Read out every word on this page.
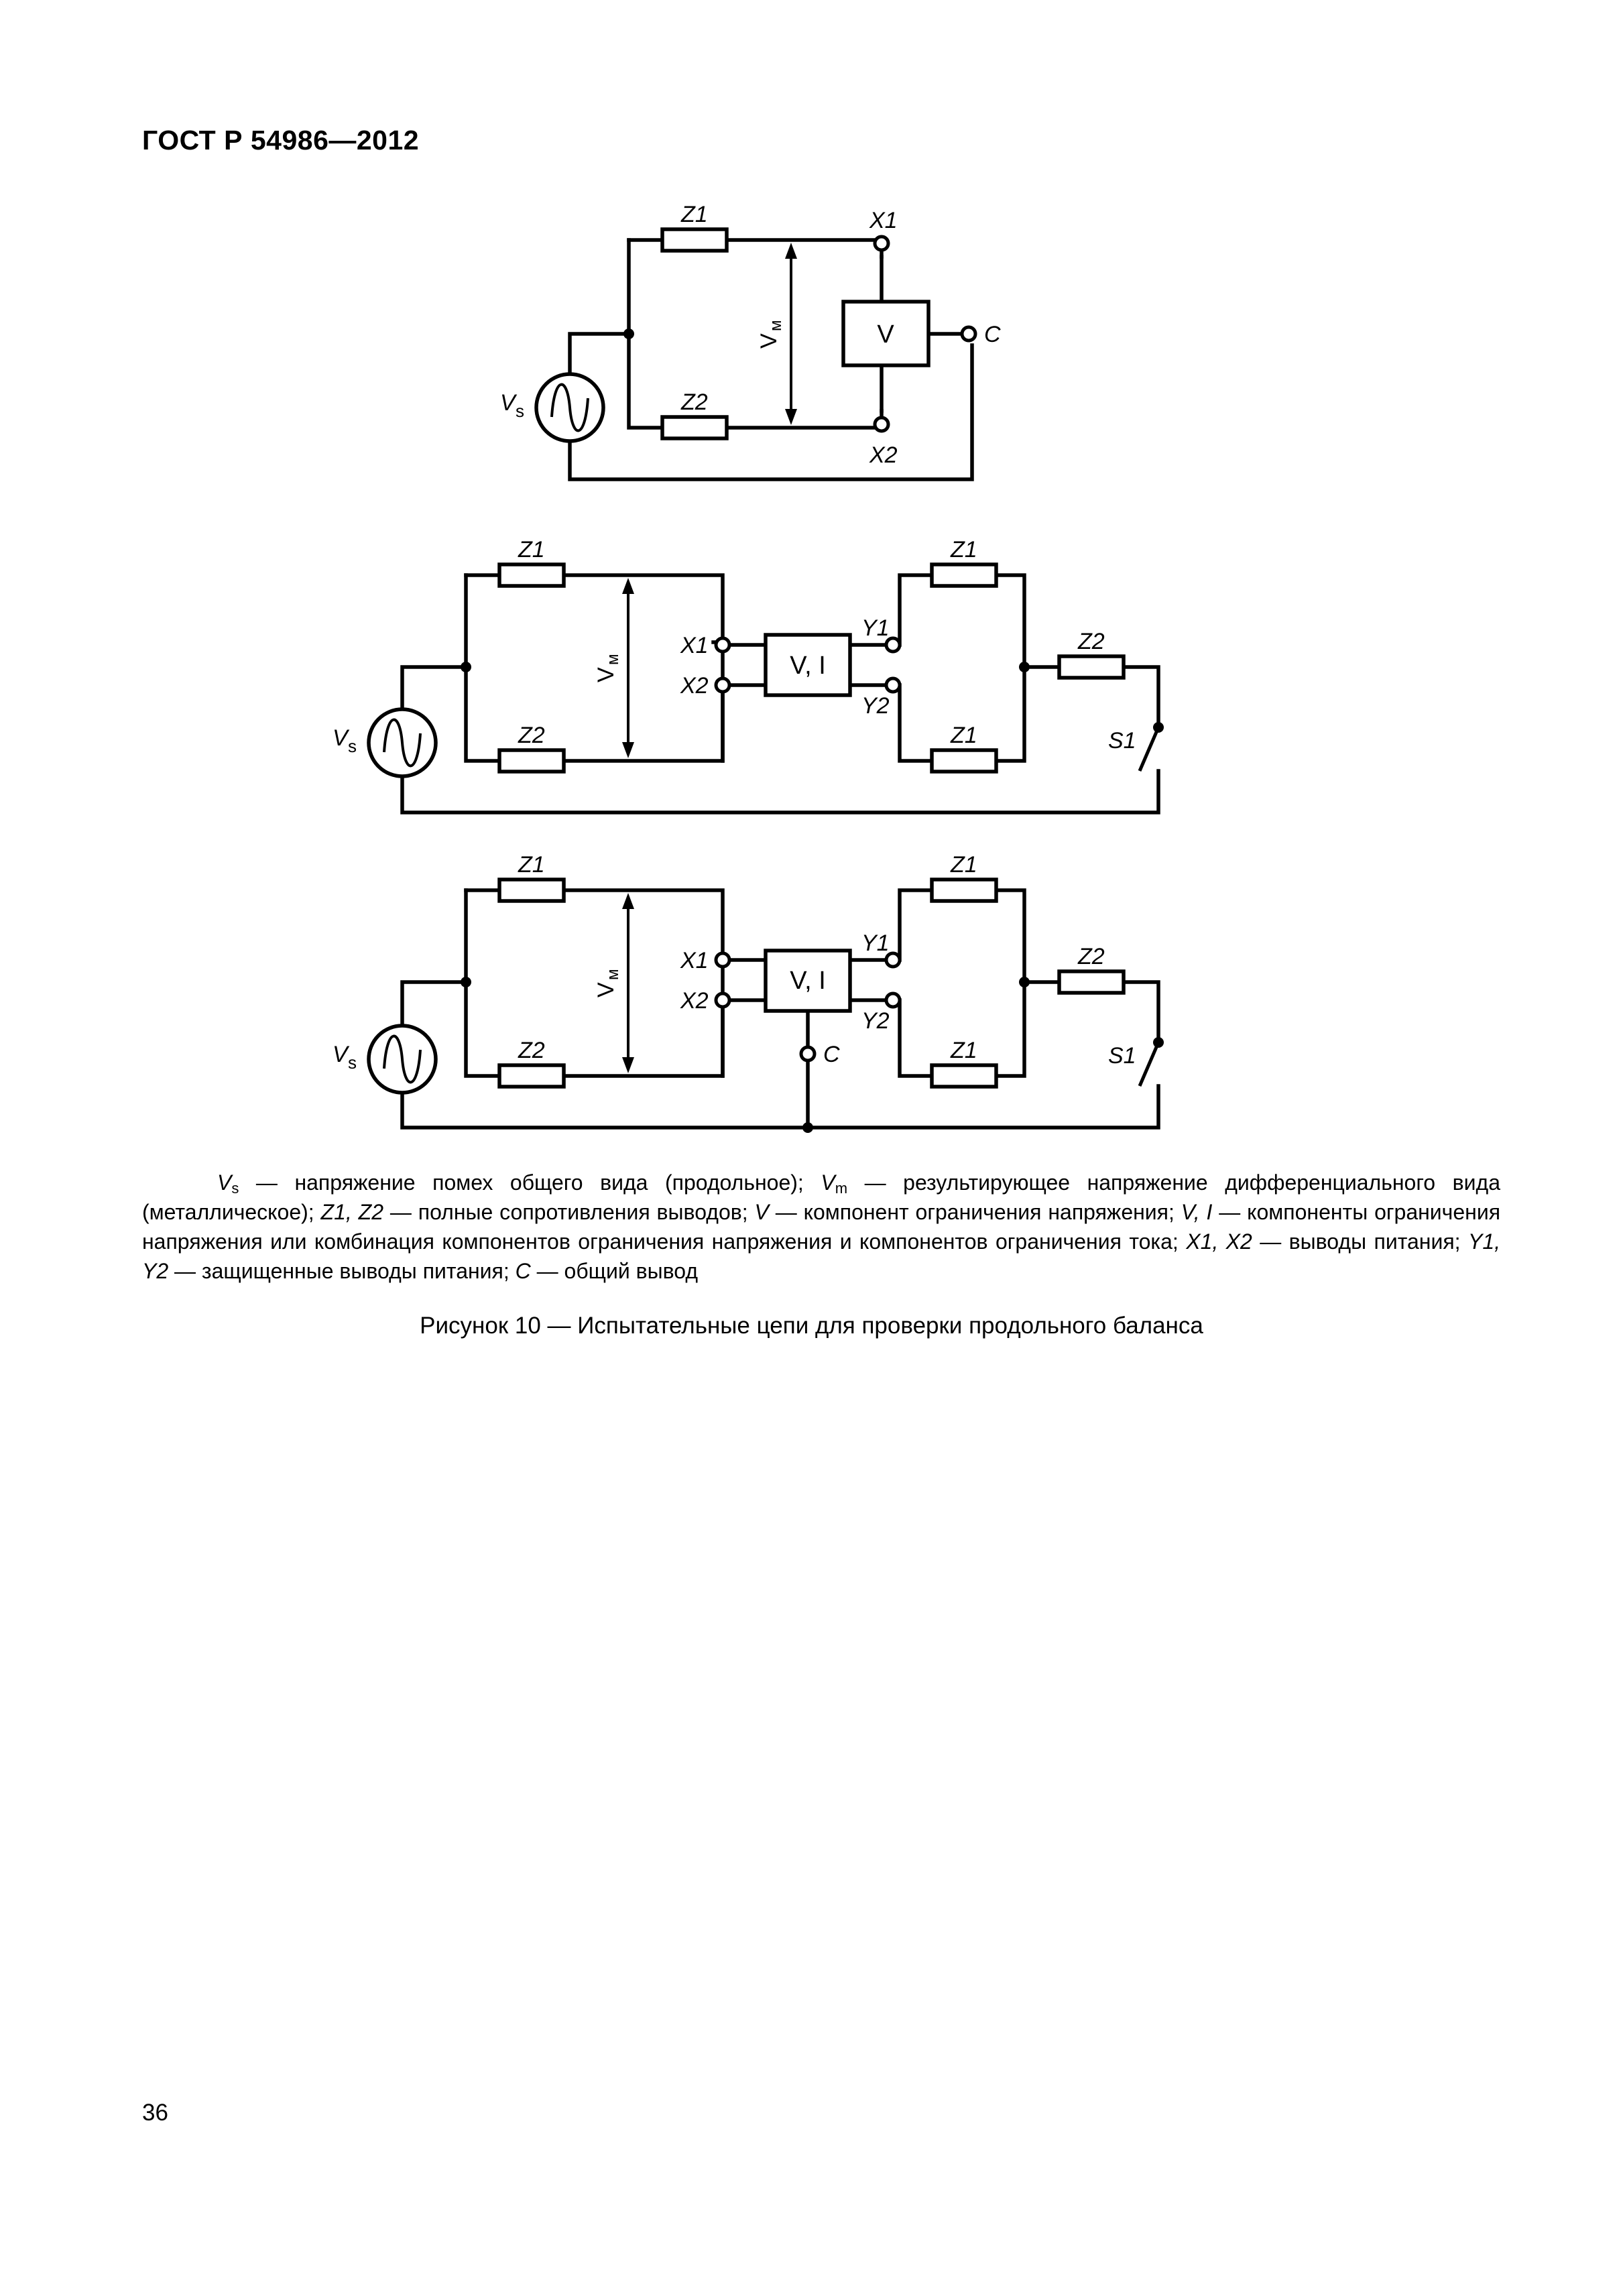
ГОСТ Р 54986—2012
V
Z1
Z2
X1
X2
C
V s
V
м
V, I
Z1
Z2
Z1
Z1
Z2
X1
X2
Y1
Y2
S1
V s
V
м
V, I
Z1
Z2
Z1
Z1
Z2
X1
X2
Y1
Y2
C	S1
V s
V
м
$V_s$ — напряжение помех общего вида (продольное); $V_m$ — результирующее напряжение дифференциального вида (металлическое); Z1, Z2 — полные сопротивления выводов; V — компонент ограничения напряжения; V, I — компоненты ограничения напряжения или комбинация компонентов ограничения напряжения и компонентов ограничения тока; X1, X2 — выводы питания; Y1, Y2 — защищенные выводы питания; C — общий вывод
Рисунок 10 — Испытательные цепи для проверки продольного баланса
36
